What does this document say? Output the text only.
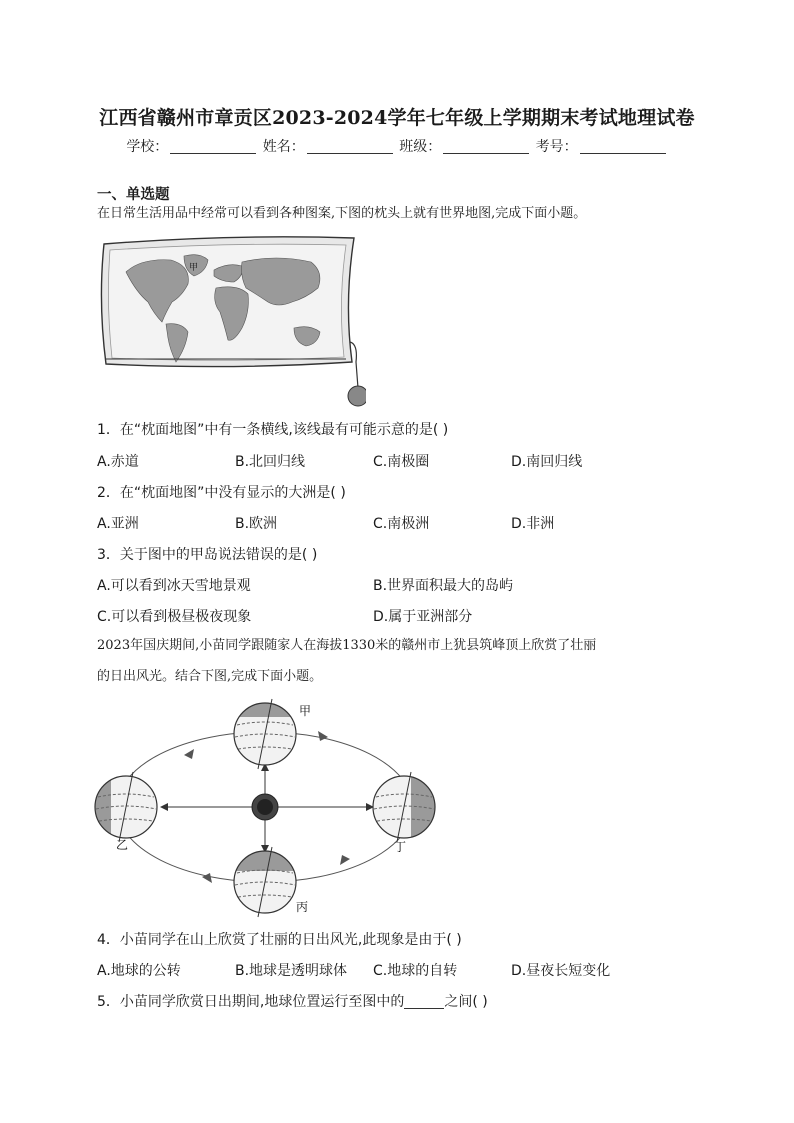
江西省赣州市章贡区2023-2024学年七年级上学期期末考试地理试卷
学校：	姓名：	班级：	考号：
一、单选题
在日常生活用品中经常可以看到各种图案,下图的枕头上就有世界地图,完成下面小题。
甲
1．在“枕面地图”中有一条横线,该线最有可能示意的是( )
A.赤道	B.北回归线	C.南极圈	D.南回归线
2．在“枕面地图”中没有显示的大洲是( )
A.亚洲	B.欧洲	C.南极洲	D.非洲
3．关于图中的甲岛说法错误的是( )
A.可以看到冰天雪地景观	B.世界面积最大的岛屿
C.可以看到极昼极夜现象	D.属于亚洲部分
2023年国庆期间,小苗同学跟随家人在海拔1330米的赣州市上犹县筑峰顶上欣赏了壮丽
的日出风光。结合下图,完成下面小题。
甲
乙
丙
丁
4．小苗同学在山上欣赏了壮丽的日出风光,此现象是由于( )
A.地球的公转	B.地球是透明球体 C.地球的自转	D.昼夜长短变化
5．小苗同学欣赏日出期间,地球位置运行至图中的	之间( )
